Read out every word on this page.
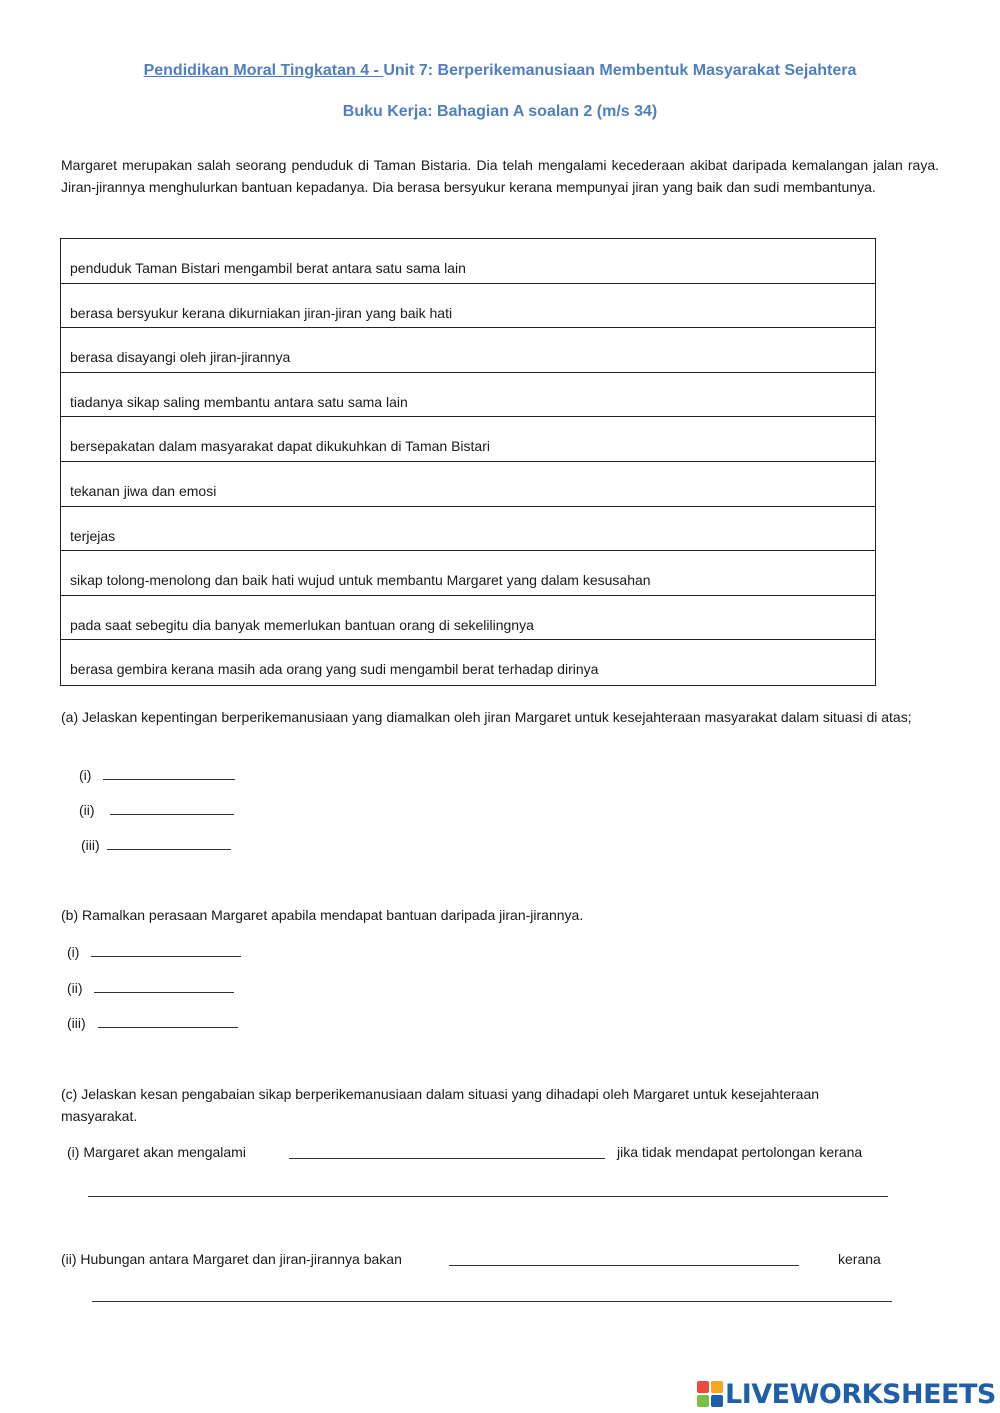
Pendidikan Moral Tingkatan 4 - Unit 7: Berperikemanusiaan Membentuk Masyarakat Sejahtera
Buku Kerja: Bahagian A soalan 2 (m/s 34)
Margaret merupakan salah seorang penduduk di Taman Bistaria. Dia telah mengalami kecederaan akibat daripada kemalangan jalan raya. Jiran-jirannya menghulurkan bantuan kepadanya. Dia berasa bersyukur kerana mempunyai jiran yang baik dan sudi membantunya.
penduduk Taman Bistari mengambil berat antara satu sama lain
berasa bersyukur kerana dikurniakan jiran-jiran yang baik hati
berasa disayangi oleh jiran-jirannya
tiadanya sikap saling membantu antara satu sama lain
bersepakatan dalam masyarakat dapat dikukuhkan di Taman Bistari
tekanan jiwa dan emosi
terjejas
sikap tolong-menolong dan baik hati wujud untuk membantu Margaret yang dalam kesusahan
pada saat sebegitu dia banyak memerlukan bantuan orang di sekelilingnya
berasa gembira kerana masih ada orang yang sudi mengambil berat terhadap dirinya
(a) Jelaskan kepentingan berperikemanusiaan yang diamalkan oleh jiran Margaret untuk kesejahteraan masyarakat dalam situasi di atas;
(i)
(ii)
(iii)
(b) Ramalkan perasaan Margaret apabila mendapat bantuan daripada jiran-jirannya.
(i)
(ii)
(iii)
(c) Jelaskan kesan pengabaian sikap berperikemanusiaan dalam situasi yang dihadapi oleh Margaret untuk kesejahteraan masyarakat.
(i) Margaret akan mengalami	jika tidak mendapat pertolongan kerana
(ii) Hubungan antara Margaret dan jiran-jirannya bakan	kerana
LIVEWORKSHEETS
